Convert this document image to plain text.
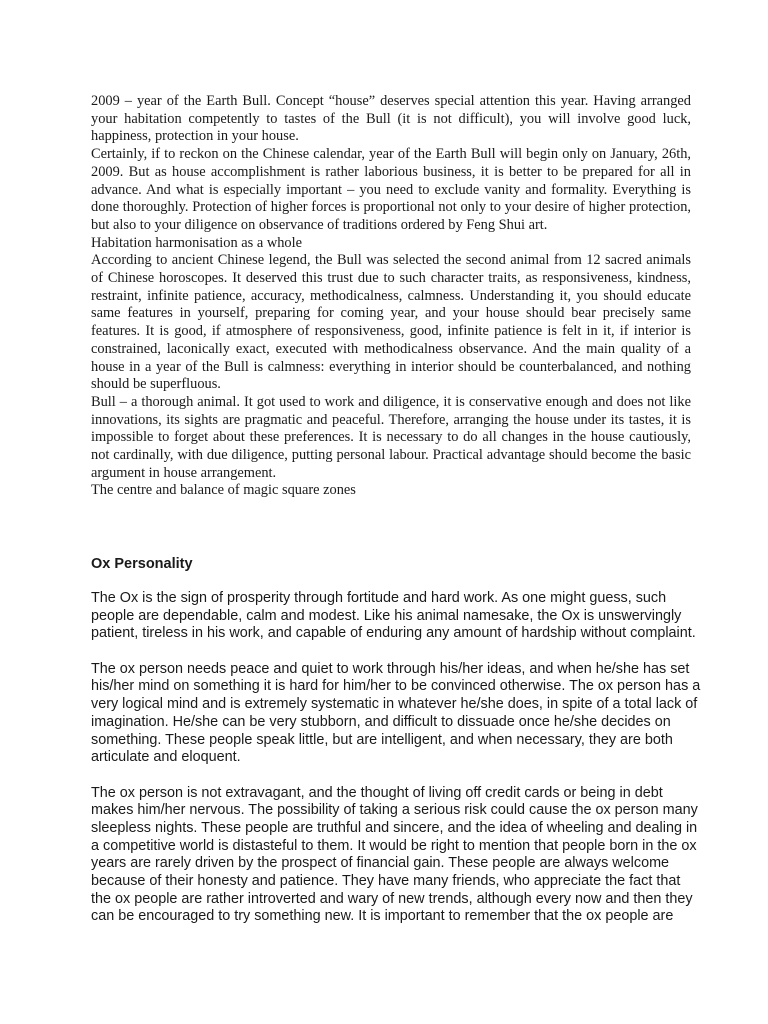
2009 – year of the Earth Bull. Concept “house” deserves special attention this year. Having arranged your habitation competently to tastes of the Bull (it is not difficult), you will involve good luck, happiness, protection in your house.

Certainly, if to reckon on the Chinese calendar, year of the Earth Bull will begin only on January, 26th, 2009. But as house accomplishment is rather laborious business, it is better to be prepared for all in advance. And what is especially important – you need to exclude vanity and formality. Everything is done thoroughly. Protection of higher forces is proportional not only to your desire of higher protection, but also to your diligence on observance of traditions ordered by Feng Shui art.

Habitation harmonisation as a whole

According to ancient Chinese legend, the Bull was selected the second animal from 12 sacred animals of Chinese horoscopes. It deserved this trust due to such character traits, as responsiveness, kindness, restraint, infinite patience, accuracy, methodicalness, calmness. Understanding it, you should educate same features in yourself, preparing for coming year, and your house should bear precisely same features. It is good, if atmosphere of responsiveness, good, infinite patience is felt in it, if interior is constrained, laconically exact, executed with methodicalness observance. And the main quality of a house in a year of the Bull is calmness: everything in interior should be counterbalanced, and nothing should be superfluous.

Bull – a thorough animal. It got used to work and diligence, it is conservative enough and does not like innovations, its sights are pragmatic and peaceful. Therefore, arranging the house under its tastes, it is impossible to forget about these preferences. It is necessary to do all changes in the house cautiously, not cardinally, with due diligence, putting personal labour. Practical advantage should become the basic argument in house arrangement.

The centre and balance of magic square zones

Ox Personality

The Ox is the sign of prosperity through fortitude and hard work. As one might guess, such people are dependable, calm and modest. Like his animal namesake, the Ox is unswervingly patient, tireless in his work, and capable of enduring any amount of hardship without complaint.

The ox person needs peace and quiet to work through his/her ideas, and when he/she has set his/her mind on something it is hard for him/her to be convinced otherwise. The ox person has a very logical mind and is extremely systematic in whatever he/she does, in spite of a total lack of imagination. He/she can be very stubborn, and difficult to dissuade once he/she decides on something. These people speak little, but are intelligent, and when necessary, they are both articulate and eloquent.

The ox person is not extravagant, and the thought of living off credit cards or being in debt makes him/her nervous. The possibility of taking a serious risk could cause the ox person many sleepless nights. These people are truthful and sincere, and the idea of wheeling and dealing in a competitive world is distasteful to them. It would be right to mention that people born in the ox years are rarely driven by the prospect of financial gain. These people are always welcome because of their honesty and patience. They have many friends, who appreciate the fact that the ox people are rather introverted and wary of new trends, although every now and then they can be encouraged to try something new. It is important to remember that the ox people are
